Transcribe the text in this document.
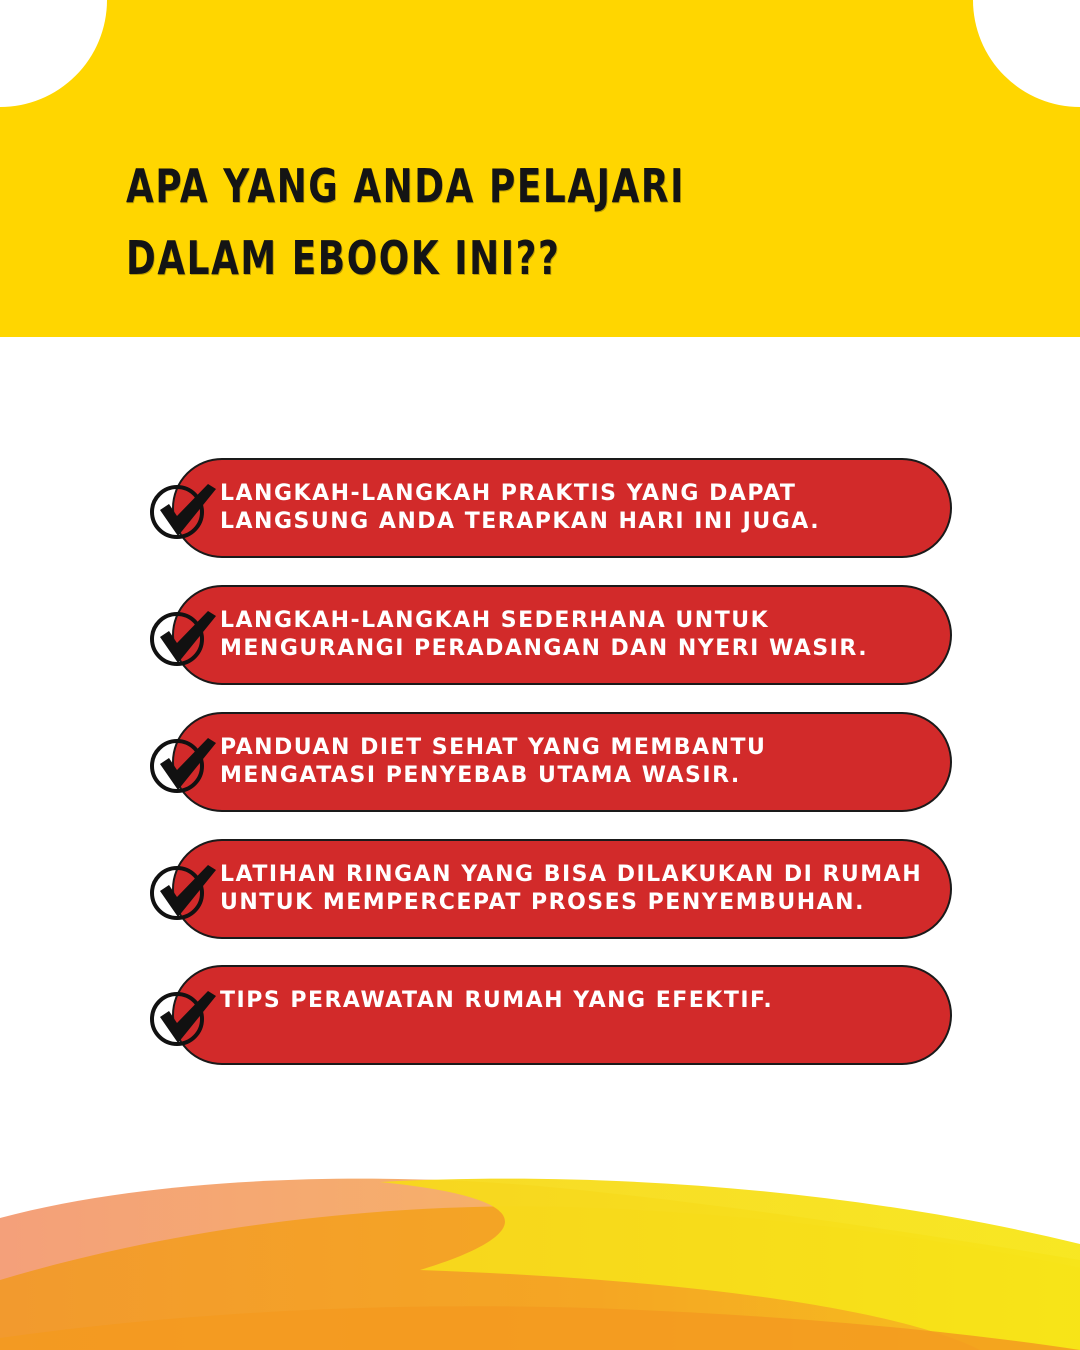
APA YANG ANDA PELAJARI DALAM EBOOK INI??
LANGKAH-LANGKAH PRAKTIS YANG DAPAT LANGSUNG ANDA TERAPKAN HARI INI JUGA.
LANGKAH-LANGKAH SEDERHANA UNTUK MENGURANGI PERADANGAN DAN NYERI WASIR.
PANDUAN DIET SEHAT YANG MEMBANTU MENGATASI PENYEBAB UTAMA WASIR.
LATIHAN RINGAN YANG BISA DILAKUKAN DI RUMAH UNTUK MEMPERCEPAT PROSES PENYEMBUHAN.
TIPS PERAWATAN RUMAH YANG EFEKTIF.
